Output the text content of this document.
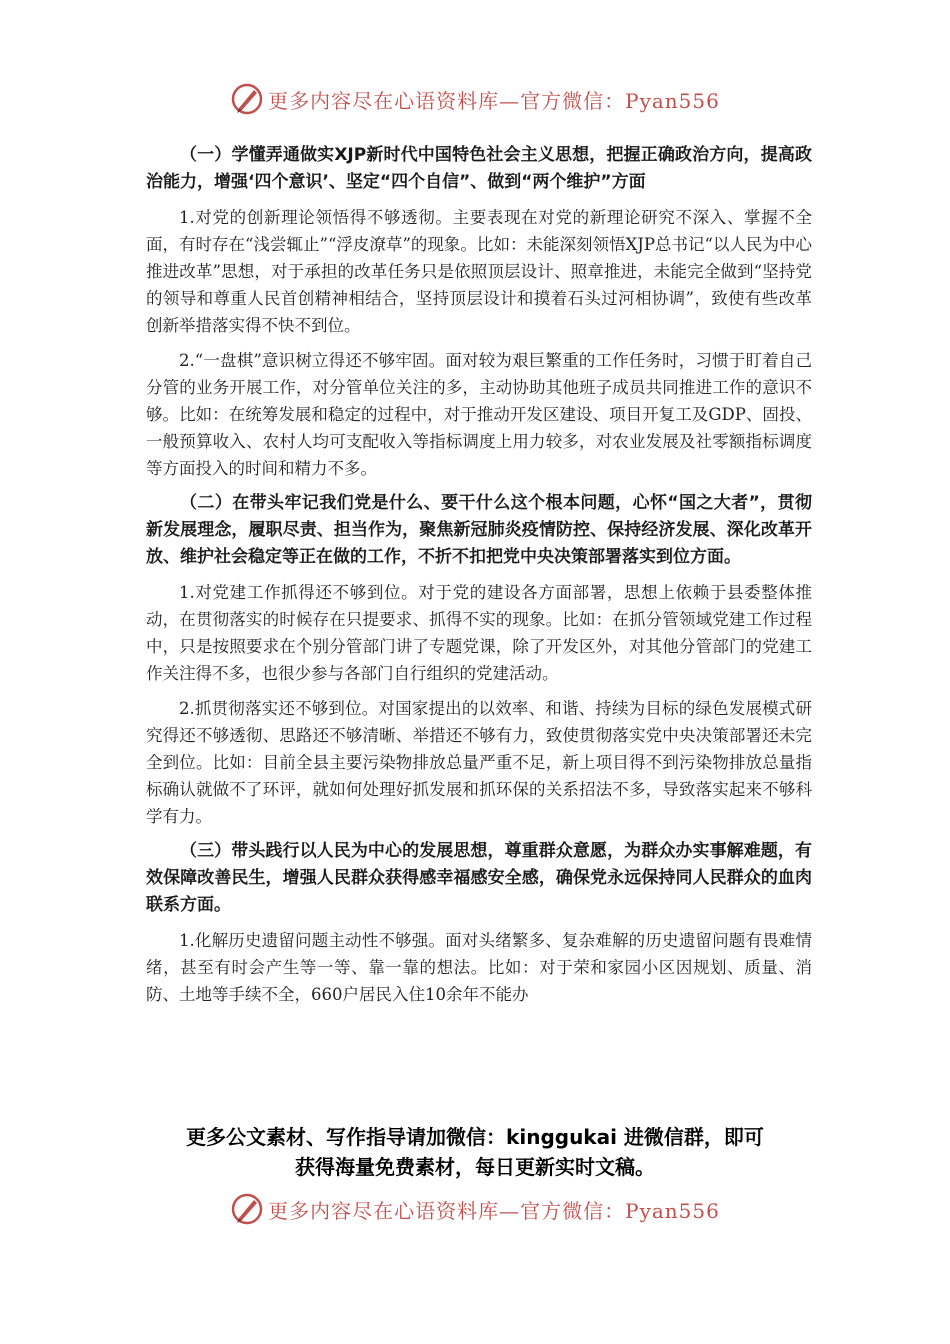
更多内容尽在心语资料库—官方微信：Pyan556

（一）学懂弄通做实XJP新时代中国特色社会主义思想，把握正确政治方向，提高政治能力，增强‘四个意识’、坚定“四个自信”、做到“两个维护”方面

1.对党的创新理论领悟得不够透彻。主要表现在对党的新理论研究不深入、掌握不全面，有时存在“浅尝辄止”“浮皮潦草”的现象。比如：未能深刻领悟XJP总书记“以人民为中心推进改革”思想，对于承担的改革任务只是依照顶层设计、照章推进，未能完全做到“坚持党的领导和尊重人民首创精神相结合，坚持顶层设计和摸着石头过河相协调”，致使有些改革创新举措落实得不快不到位。

2.“一盘棋”意识树立得还不够牢固。面对较为艰巨繁重的工作任务时，习惯于盯着自己分管的业务开展工作，对分管单位关注的多，主动协助其他班子成员共同推进工作的意识不够。比如：在统筹发展和稳定的过程中，对于推动开发区建设、项目开复工及GDP、固投、一般预算收入、农村人均可支配收入等指标调度上用力较多，对农业发展及社零额指标调度等方面投入的时间和精力不多。

（二）在带头牢记我们党是什么、要干什么这个根本问题，心怀“国之大者”，贯彻新发展理念，履职尽责、担当作为，聚焦新冠肺炎疫情防控、保持经济发展、深化改革开放、维护社会稳定等正在做的工作，不折不扣把党中央决策部署落实到位方面。

1.对党建工作抓得还不够到位。对于党的建设各方面部署，思想上依赖于县委整体推动，在贯彻落实的时候存在只提要求、抓得不实的现象。比如：在抓分管领域党建工作过程中，只是按照要求在个别分管部门讲了专题党课，除了开发区外，对其他分管部门的党建工作关注得不多，也很少参与各部门自行组织的党建活动。

2.抓贯彻落实还不够到位。对国家提出的以效率、和谐、持续为目标的绿色发展模式研究得还不够透彻、思路还不够清晰、举措还不够有力，致使贯彻落实党中央决策部署还未完全到位。比如：目前全县主要污染物排放总量严重不足，新上项目得不到污染物排放总量指标确认就做不了环评，就如何处理好抓发展和抓环保的关系招法不多，导致落实起来不够科学有力。

（三）带头践行以人民为中心的发展思想，尊重群众意愿，为群众办实事解难题，有效保障改善民生，增强人民群众获得感幸福感安全感，确保党永远保持同人民群众的血肉联系方面。

1.化解历史遗留问题主动性不够强。面对头绪繁多、复杂难解的历史遗留问题有畏难情绪，甚至有时会产生等一等、靠一靠的想法。比如：对于荣和家园小区因规划、质量、消防、土地等手续不全，660户居民入住10余年不能办

更多公文素材、写作指导请加微信：kinggukai 进微信群，即可
获得海量免费素材，每日更新实时文稿。
更多内容尽在心语资料库—官方微信：Pyan556
